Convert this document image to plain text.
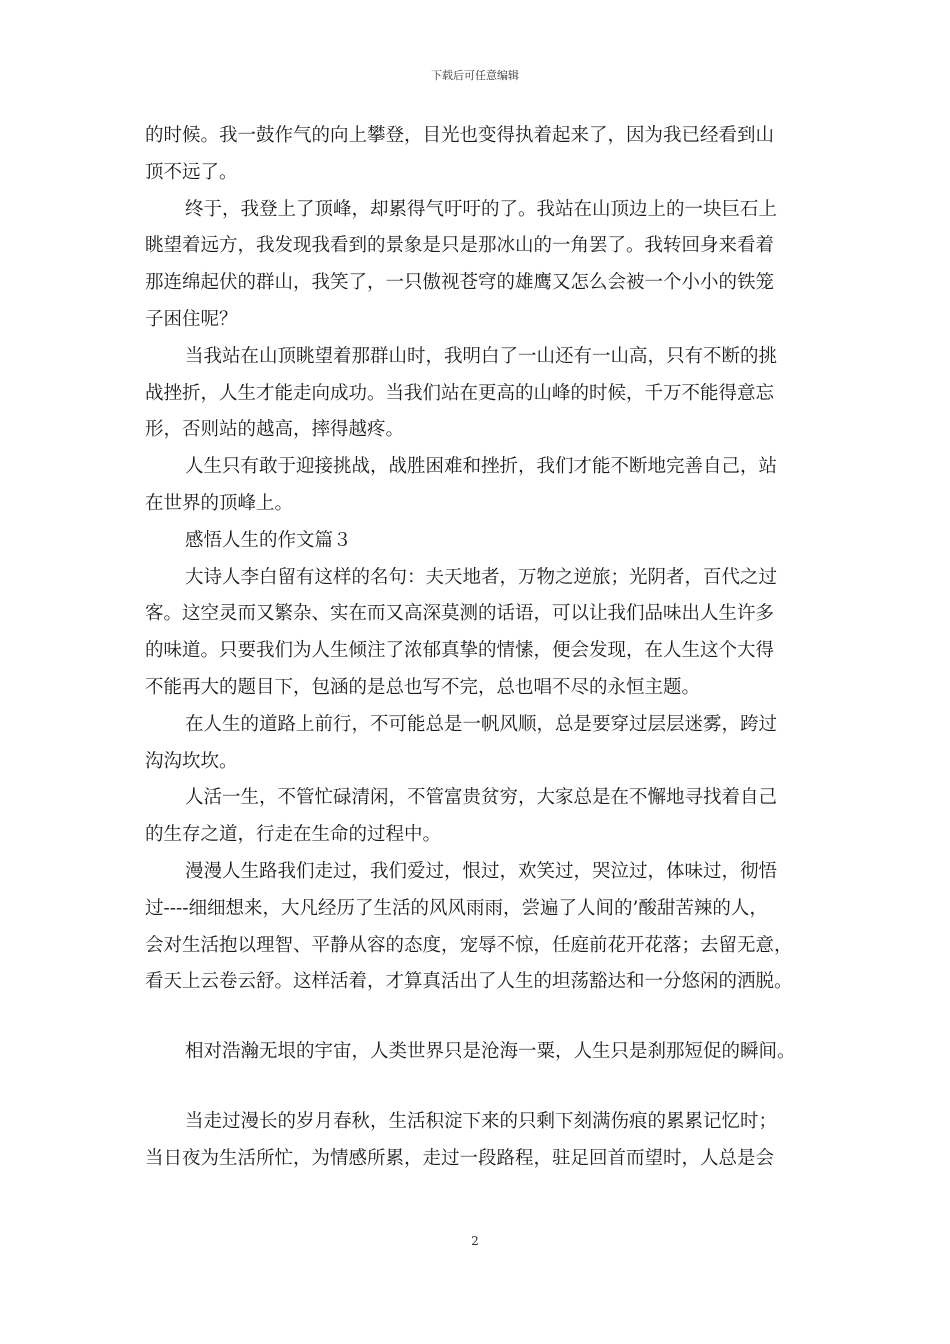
下载后可任意编辑
的时候。我一鼓作气的向上攀登，目光也变得执着起来了，因为我已经看到山
顶不远了。
终于，我登上了顶峰，却累得气吁吁的了。我站在山顶边上的一块巨石上
眺望着远方，我发现我看到的景象是只是那冰山的一角罢了。我转回身来看着
那连绵起伏的群山，我笑了，一只傲视苍穹的雄鹰又怎么会被一个小小的铁笼
子困住呢？
当我站在山顶眺望着那群山时，我明白了一山还有一山高，只有不断的挑
战挫折，人生才能走向成功。当我们站在更高的山峰的时候，千万不能得意忘
形，否则站的越高，摔得越疼。
人生只有敢于迎接挑战，战胜困难和挫折，我们才能不断地完善自己，站
在世界的顶峰上。
感悟人生的作文篇３
大诗人李白留有这样的名句：夫天地者，万物之逆旅；光阴者，百代之过
客。这空灵而又繁杂、实在而又高深莫测的话语，可以让我们品味出人生许多
的味道。只要我们为人生倾注了浓郁真挚的情愫，便会发现，在人生这个大得
不能再大的题目下，包涵的是总也写不完，总也唱不尽的永恒主题。
在人生的道路上前行，不可能总是一帆风顺，总是要穿过层层迷雾，跨过
沟沟坎坎。
人活一生，不管忙碌清闲，不管富贵贫穷，大家总是在不懈地寻找着自己
的生存之道，行走在生命的过程中。
漫漫人生路我们走过，我们爱过，恨过，欢笑过，哭泣过，体味过，彻悟
过----细细想来，大凡经历了生活的风风雨雨，尝遍了人间的’酸甜苦辣的人，
会对生活抱以理智、平静从容的态度，宠辱不惊，任庭前花开花落；去留无意，
看天上云卷云舒。这样活着，才算真活出了人生的坦荡豁达和一分悠闲的洒脱。
相对浩瀚无垠的宇宙，人类世界只是沧海一粟，人生只是刹那短促的瞬间。
当走过漫长的岁月春秋，生活积淀下来的只剩下刻满伤痕的累累记忆时；
当日夜为生活所忙，为情感所累，走过一段路程，驻足回首而望时，人总是会
2
